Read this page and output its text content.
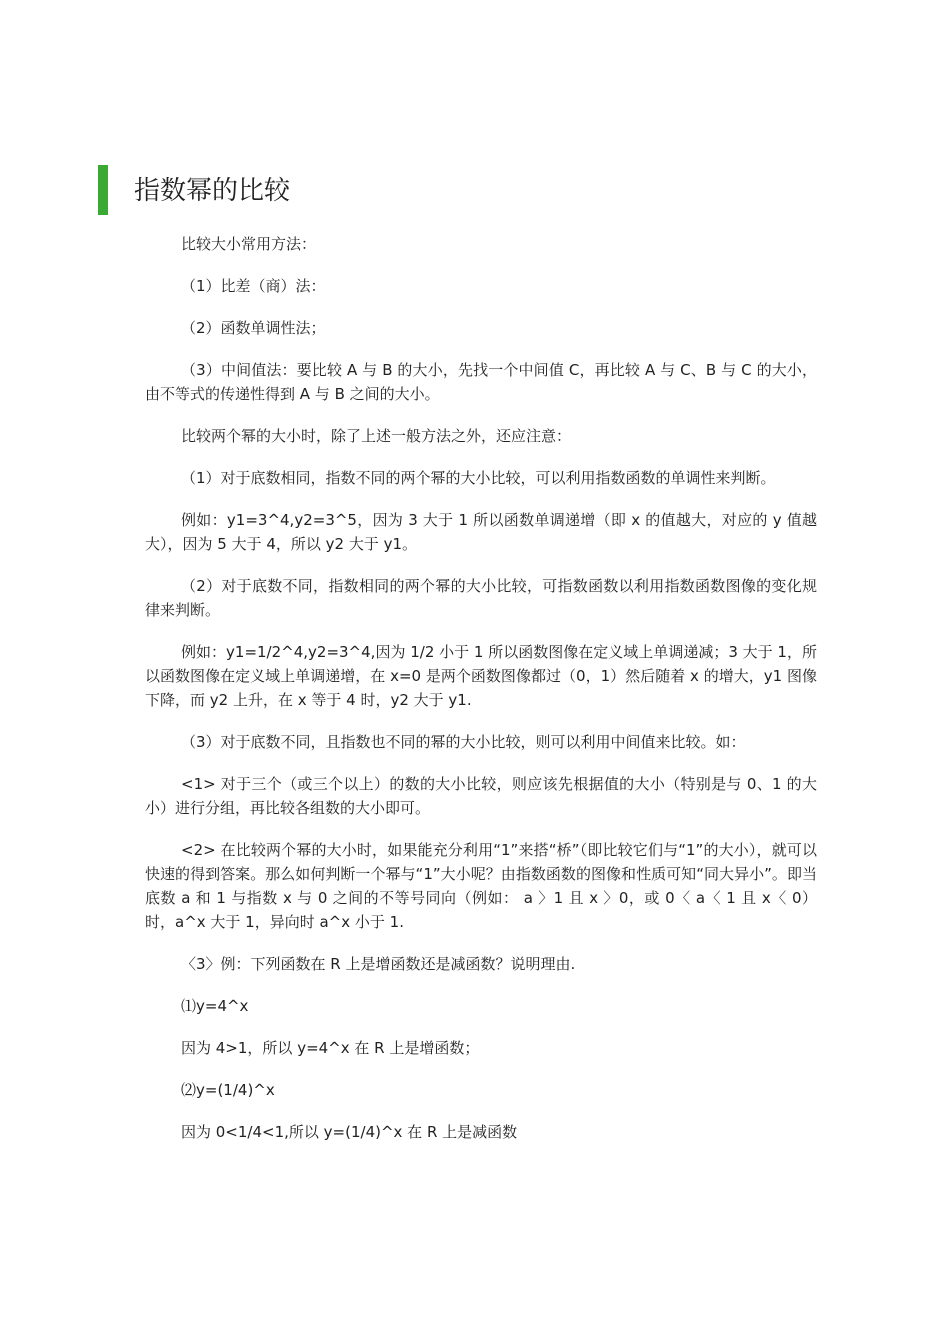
指数幂的比较

比较大小常用方法：

（1）比差（商）法：

（2）函数单调性法；

（3）中间值法：要比较 A 与 B 的大小，先找一个中间值 C，再比较 A 与 C、B 与 C 的大小，由不等式的传递性得到 A 与 B 之间的大小。

比较两个幂的大小时，除了上述一般方法之外，还应注意：

（1）对于底数相同，指数不同的两个幂的大小比较，可以利用指数函数的单调性来判断。

例如：y1=3^4,y2=3^5，因为 3 大于 1 所以函数单调递增（即 x 的值越大，对应的 y 值越大），因为 5 大于 4，所以 y2 大于 y1。

（2）对于底数不同，指数相同的两个幂的大小比较，可指数函数以利用指数函数图像的变化规律来判断。

例如：y1=1/2^4,y2=3^4,因为 1/2 小于 1 所以函数图像在定义域上单调递减；3 大于 1，所以函数图像在定义域上单调递增，在 x=0 是两个函数图像都过（0，1）然后随着 x 的增大，y1 图像下降，而 y2 上升，在 x 等于 4 时，y2 大于 y1.

（3）对于底数不同，且指数也不同的幂的大小比较，则可以利用中间值来比较。如：

<1> 对于三个（或三个以上）的数的大小比较，则应该先根据值的大小（特别是与 0、1 的大小）进行分组，再比较各组数的大小即可。

<2> 在比较两个幂的大小时，如果能充分利用“1”来搭“桥”（即比较它们与“1”的大小），就可以快速的得到答案。那么如何判断一个幂与“1”大小呢？由指数函数的图像和性质可知“同大异小”。即当底数 a 和 1 与指数 x 与 0 之间的不等号同向（例如： a 〉1 且 x 〉0，或 0〈 a〈 1 且 x〈 0）时，a^x 大于 1，异向时 a^x 小于 1.

〈3〉例：下列函数在 R 上是增函数还是减函数？说明理由.

⑴y=4^x

因为 4>1，所以 y=4^x 在 R 上是增函数；

⑵y=(1/4)^x

因为 0<1/4<1,所以 y=(1/4)^x 在 R 上是减函数
